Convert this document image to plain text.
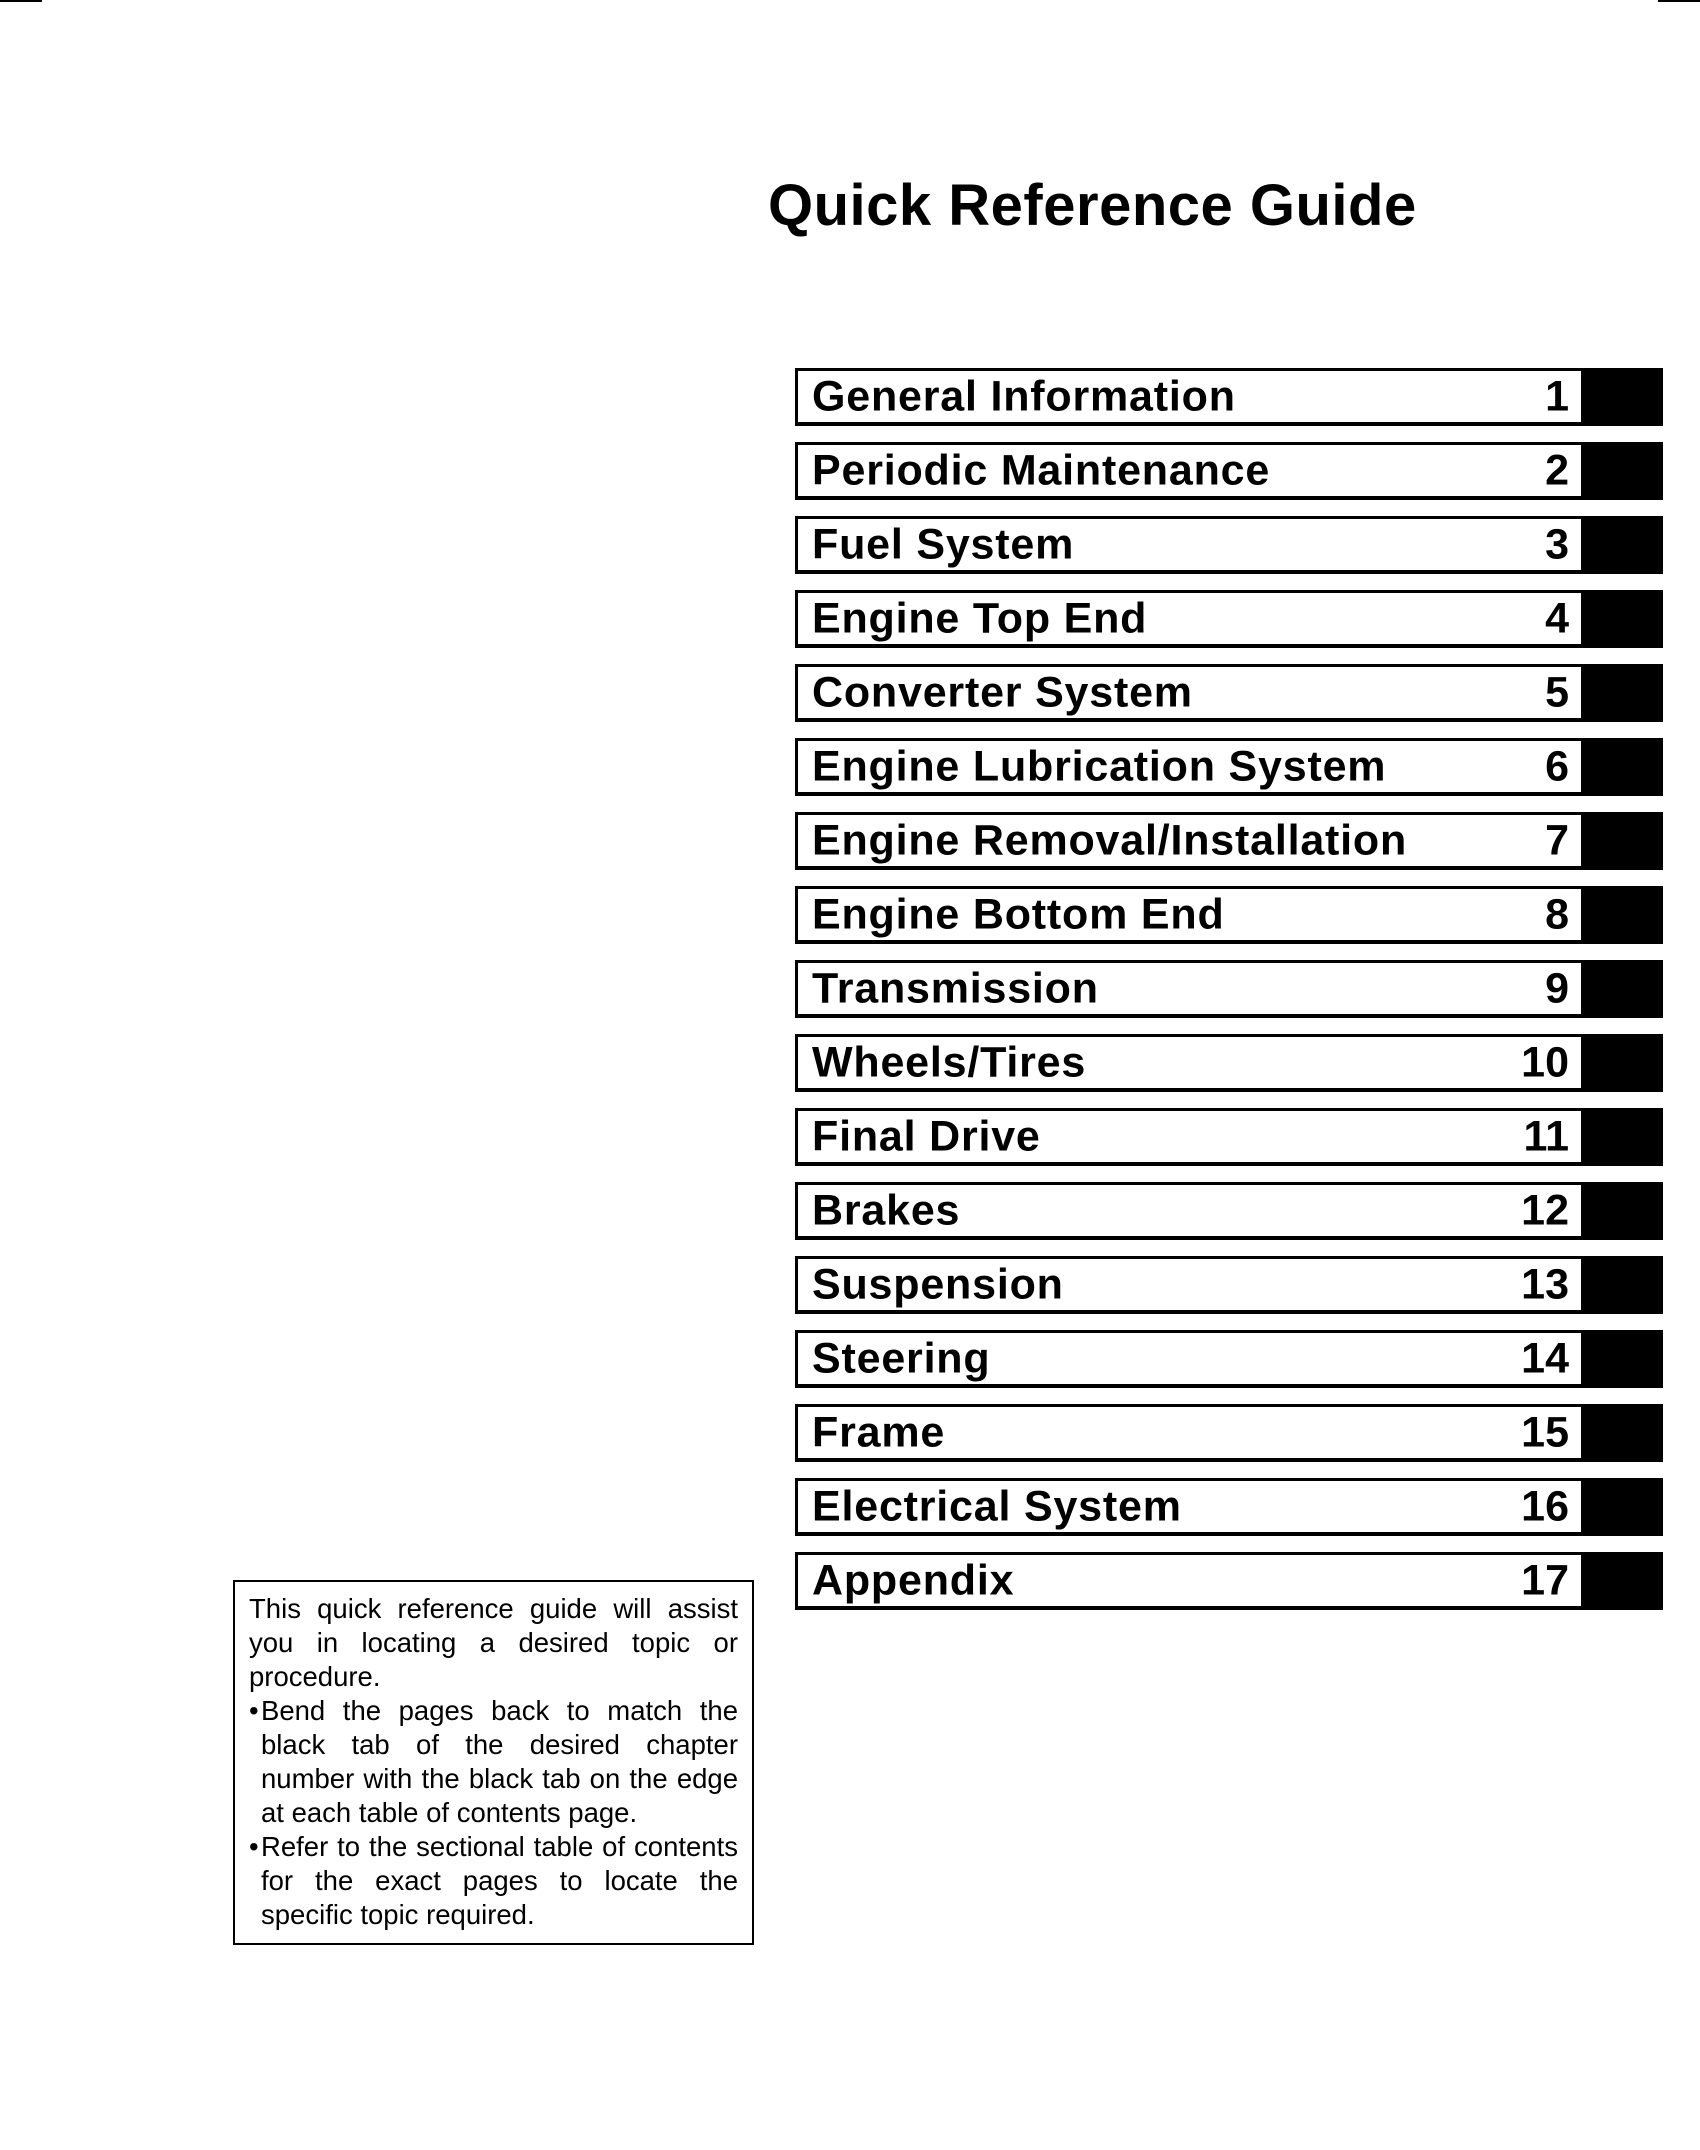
Quick Reference Guide
General Information	1
Periodic Maintenance	2
Fuel System	3
Engine Top End	4
Converter System	5
Engine Lubrication System	6
Engine Removal/Installation	7
Engine Bottom End	8
Transmission	9
Wheels/Tires	10
Final Drive	11
Brakes	12
Suspension	13
Steering	14
Frame	15
Electrical System	16
Appendix	17

This quick reference guide will assist you in locating a desired topic or procedure.

• Bend the pages back to match the black tab of the desired chapter number with the black tab on the edge at each table of contents page.
• Refer to the sectional table of contents for the exact pages to locate the specific topic required.
